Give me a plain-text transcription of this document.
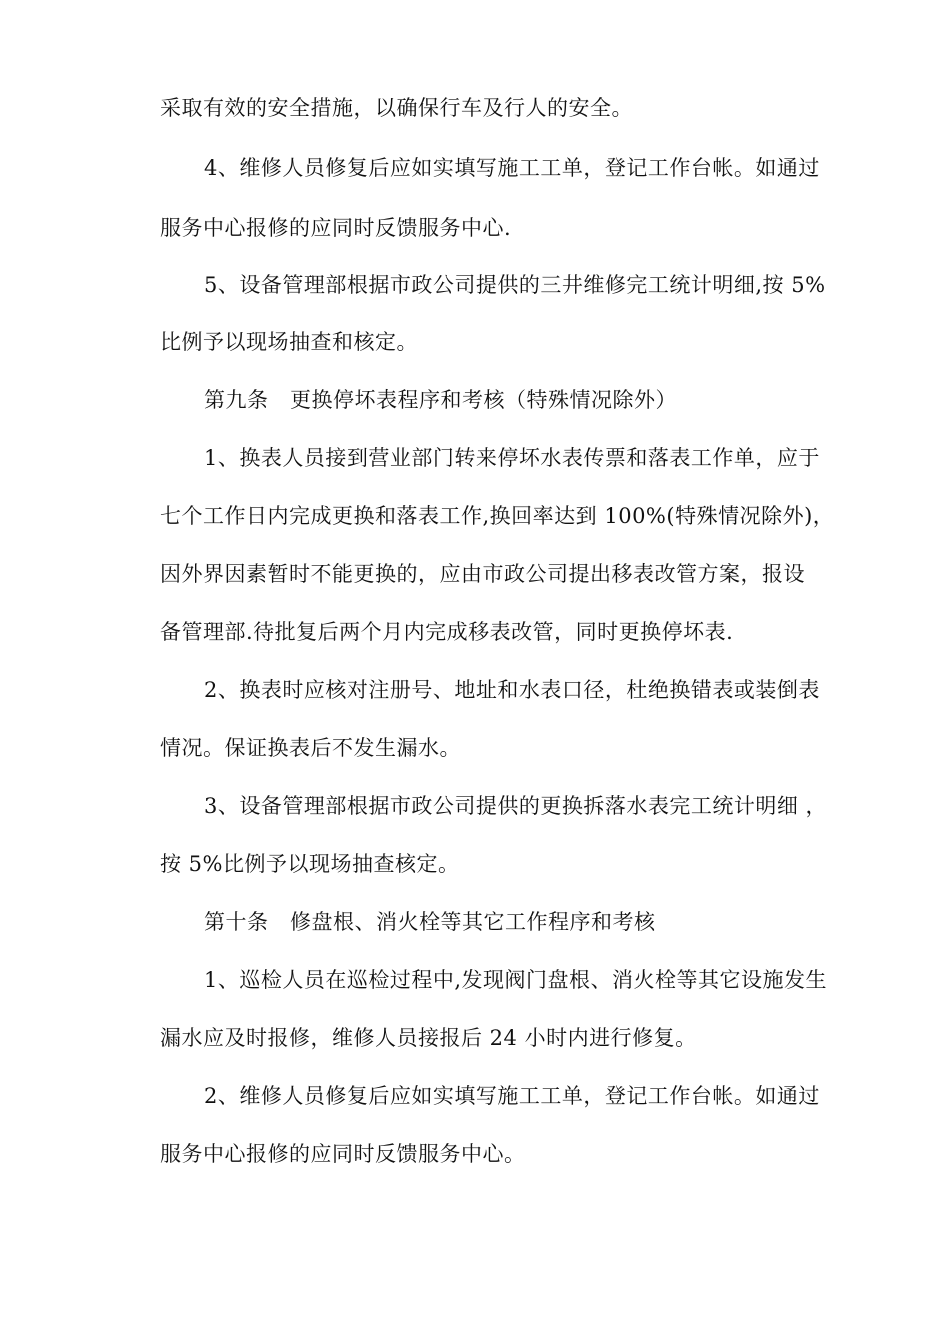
采取有效的安全措施，以确保行车及行人的安全。
4、维修人员修复后应如实填写施工工单，登记工作台帐。如通过
服务中心报修的应同时反馈服务中心.
5、设备管理部根据市政公司提供的三井维修完工统计明细,按 5%
比例予以现场抽查和核定。
第九条　更换停坏表程序和考核（特殊情况除外）
1、换表人员接到营业部门转来停坏水表传票和落表工作单，应于
七个工作日内完成更换和落表工作,换回率达到 100%(特殊情况除外)，
因外界因素暂时不能更换的，应由市政公司提出移表改管方案，报设
备管理部.待批复后两个月内完成移表改管，同时更换停坏表.
2、换表时应核对注册号、地址和水表口径，杜绝换错表或装倒表
情况。保证换表后不发生漏水。
3、设备管理部根据市政公司提供的更换拆落水表完工统计明细 ，
按 5%比例予以现场抽查核定。
第十条　修盘根、消火栓等其它工作程序和考核
1、巡检人员在巡检过程中,发现阀门盘根、消火栓等其它设施发生
漏水应及时报修，维修人员接报后 24 小时内进行修复。
2、维修人员修复后应如实填写施工工单，登记工作台帐。如通过
服务中心报修的应同时反馈服务中心。
